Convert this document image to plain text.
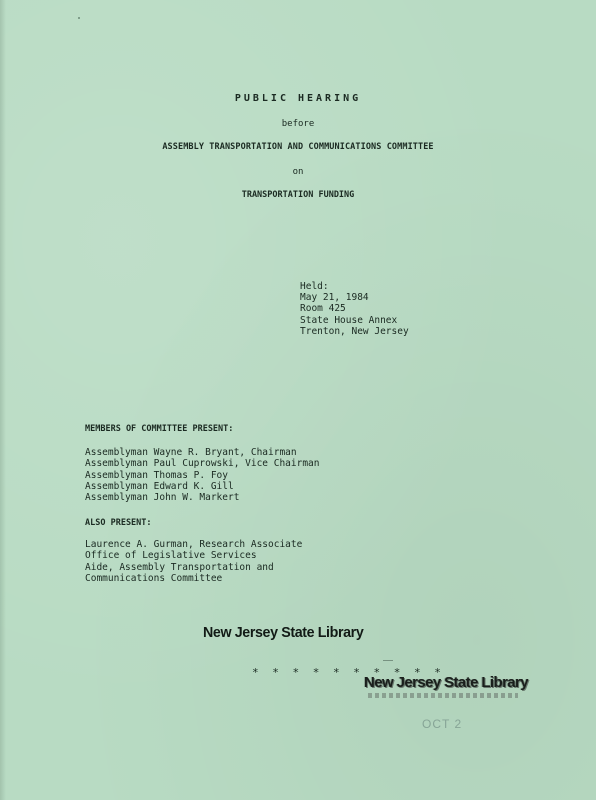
PUBLIC HEARING
before
ASSEMBLY TRANSPORTATION AND COMMUNICATIONS COMMITTEE
on
TRANSPORTATION FUNDING
Held:
May 21, 1984
Room 425
State House Annex
Trenton, New Jersey
MEMBERS OF COMMITTEE PRESENT:
Assemblyman Wayne R. Bryant, Chairman
Assemblyman Paul Cuprowski, Vice Chairman
Assemblyman Thomas P. Foy
Assemblyman Edward K. Gill
Assemblyman John W. Markert
ALSO PRESENT:
Laurence A. Gurman, Research Associate
Office of Legislative Services
Aide, Assembly Transportation and
Communications Committee
New Jersey State Library
* * * * * * * * * *
New Jersey State Library
OCT 2
